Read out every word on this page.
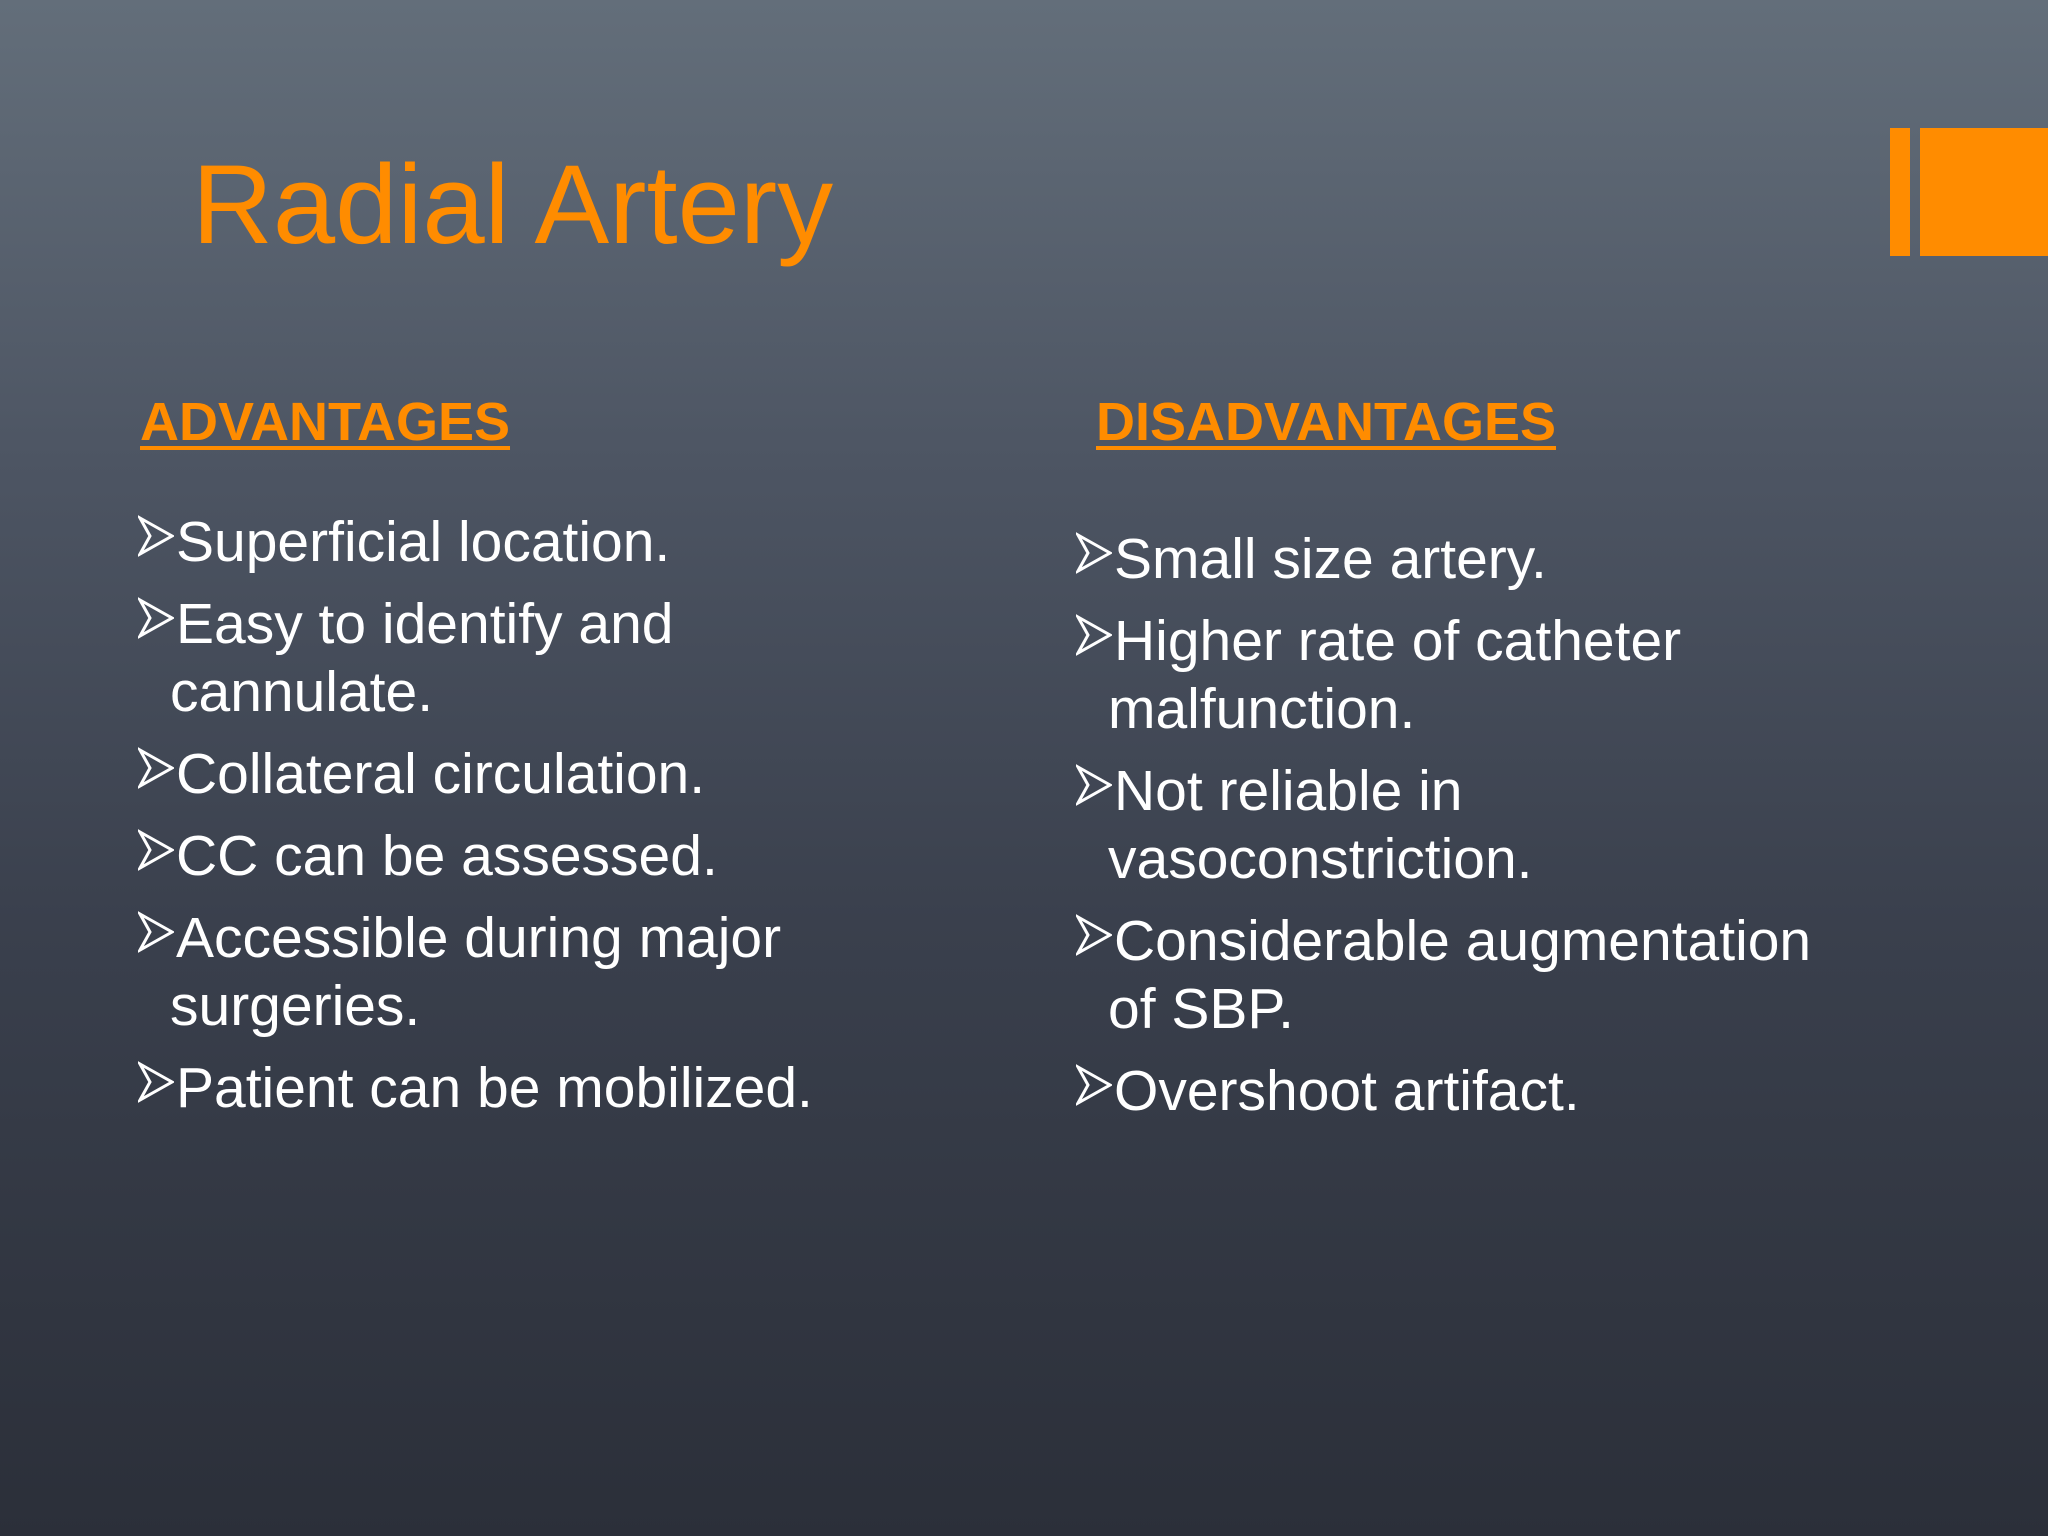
Radial Artery
ADVANTAGES	DISADVANTAGES
Superficial location.
Easy to identify and
cannulate.
Collateral circulation.
CC can be assessed.
Accessible during major
surgeries.
Patient can be mobilized.
Small size artery.
Higher rate of catheter
malfunction.
Not reliable in
vasoconstriction.
Considerable augmentation
of SBP.
Overshoot artifact.
